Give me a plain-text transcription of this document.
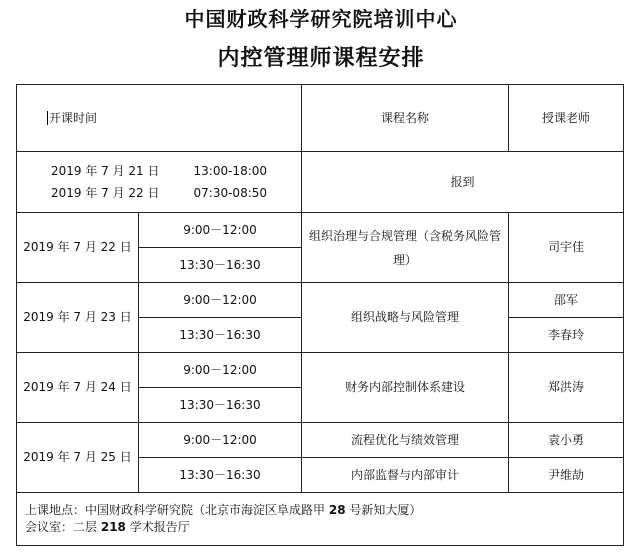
中国财政科学研究院培训中心
内控管理师课程安排
开课时间		课程名称	授课老师

2019 年 7 月 21 日 13:00-18:00
2019 年 7 月 22 日 07:30-08:50		报到	
2019 年 7 月 22 日	9:00－12:00	组织治理与合规管理（含税务风险管理）	司宇佳
	13:30－16:30		
2019 年 7 月 23 日	9:00－12:00	组织战略与风险管理	邵军
	13:30－16:30		李春玲
2019 年 7 月 24 日	9:00－12:00	财务内部控制体系建设	郑洪涛
	13:30－16:30		
2019 年 7 月 25 日	9:00－12:00	流程优化与绩效管理	袁小勇
	13:30－16:30	内部监督与内部审计	尹维劼

上课地点：中国财政科学研究院（北京市海淀区阜成路甲 28 号新知大厦）
会议室：二层 218 学术报告厅			
